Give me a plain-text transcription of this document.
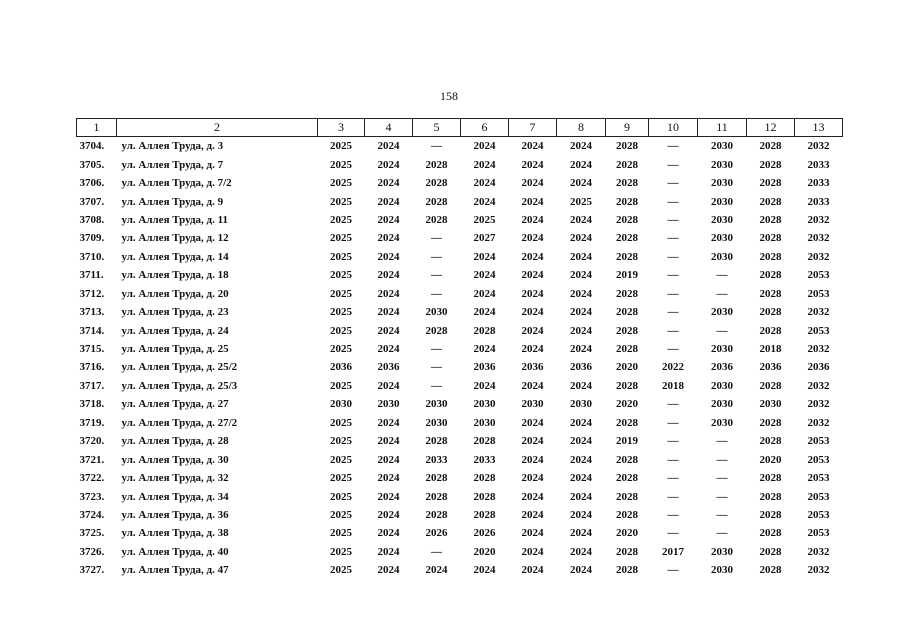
158
1	2	3	4	5	6	7	8	9	10	11	12	13
3704.	ул. Аллея Труда, д. 3	2025	2024	—	2024	2024	2024	2028	—	2030	2028	2032
3705.	ул. Аллея Труда, д. 7	2025	2024	2028	2024	2024	2024	2028	—	2030	2028	2033
3706.	ул. Аллея Труда, д. 7/2	2025	2024	2028	2024	2024	2024	2028	—	2030	2028	2033
3707.	ул. Аллея Труда, д. 9	2025	2024	2028	2024	2024	2025	2028	—	2030	2028	2033
3708.	ул. Аллея Труда, д. 11	2025	2024	2028	2025	2024	2024	2028	—	2030	2028	2032
3709.	ул. Аллея Труда, д. 12	2025	2024	—	2027	2024	2024	2028	—	2030	2028	2032
3710.	ул. Аллея Труда, д. 14	2025	2024	—	2024	2024	2024	2028	—	2030	2028	2032
3711.	ул. Аллея Труда, д. 18	2025	2024	—	2024	2024	2024	2019	—	—	2028	2053
3712.	ул. Аллея Труда, д. 20	2025	2024	—	2024	2024	2024	2028	—	—	2028	2053
3713.	ул. Аллея Труда, д. 23	2025	2024	2030	2024	2024	2024	2028	—	2030	2028	2032
3714.	ул. Аллея Труда, д. 24	2025	2024	2028	2028	2024	2024	2028	—	—	2028	2053
3715.	ул. Аллея Труда, д. 25	2025	2024	—	2024	2024	2024	2028	—	2030	2018	2032
3716.	ул. Аллея Труда, д. 25/2	2036	2036	—	2036	2036	2036	2020	2022	2036	2036	2036
3717.	ул. Аллея Труда, д. 25/3	2025	2024	—	2024	2024	2024	2028	2018	2030	2028	2032
3718.	ул. Аллея Труда, д. 27	2030	2030	2030	2030	2030	2030	2020	—	2030	2030	2032
3719.	ул. Аллея Труда, д. 27/2	2025	2024	2030	2030	2024	2024	2028	—	2030	2028	2032
3720.	ул. Аллея Труда, д. 28	2025	2024	2028	2028	2024	2024	2019	—	—	2028	2053
3721.	ул. Аллея Труда, д. 30	2025	2024	2033	2033	2024	2024	2028	—	—	2020	2053
3722.	ул. Аллея Труда, д. 32	2025	2024	2028	2028	2024	2024	2028	—	—	2028	2053
3723.	ул. Аллея Труда, д. 34	2025	2024	2028	2028	2024	2024	2028	—	—	2028	2053
3724.	ул. Аллея Труда, д. 36	2025	2024	2028	2028	2024	2024	2028	—	—	2028	2053
3725.	ул. Аллея Труда, д. 38	2025	2024	2026	2026	2024	2024	2020	—	—	2028	2053
3726.	ул. Аллея Труда, д. 40	2025	2024	—	2020	2024	2024	2028	2017	2030	2028	2032
3727.	ул. Аллея Труда, д. 47	2025	2024	2024	2024	2024	2024	2028	—	2030	2028	2032
